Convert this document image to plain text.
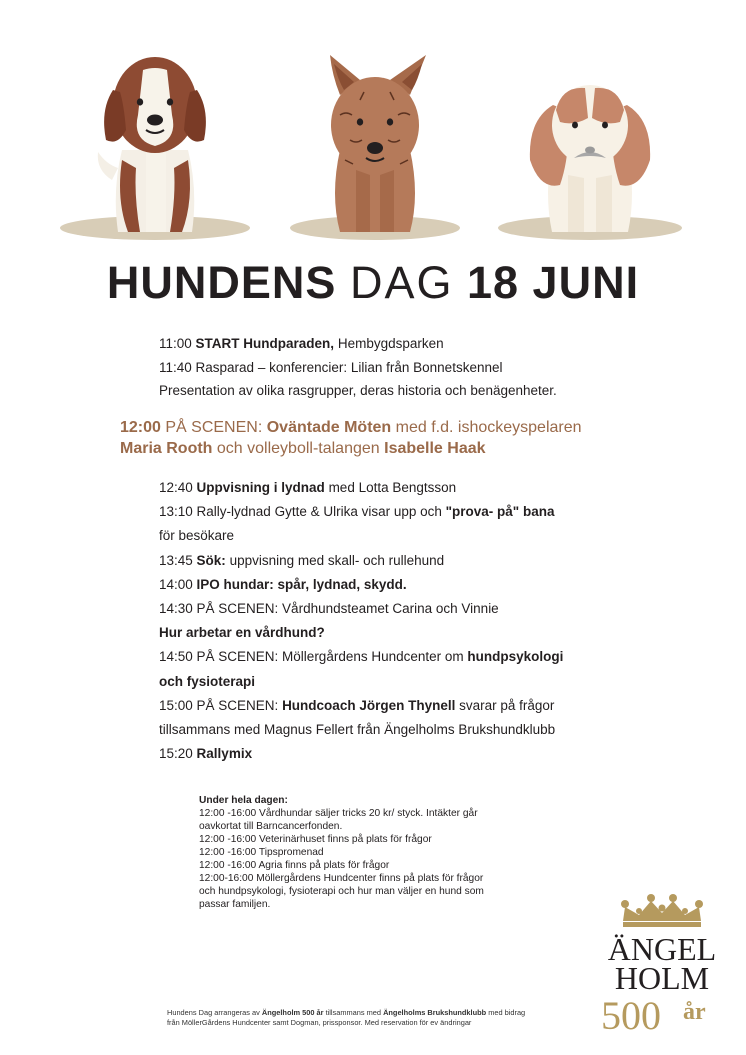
HUNDENS DAG 18 JUNI
11:00 START Hundparaden, Hembygdsparken
11:40 Rasparad – konferencier: Lilian från Bonnetskennel
Presentation av olika rasgrupper, deras historia och benägenheter.
12:00 PÅ SCENEN: Oväntade Möten med f.d. ishockeyspelaren
Maria Rooth och volleyboll-talangen Isabelle Haak
12:40 Uppvisning i lydnad med Lotta Bengtsson
13:10 Rally-lydnad Gytte & Ulrika visar upp och "prova- på" bana
för besökare
13:45 Sök: uppvisning med skall- och rullehund
14:00 IPO hundar: spår, lydnad, skydd.
14:30 PÅ SCENEN: Vårdhundsteamet Carina och Vinnie
Hur arbetar en vårdhund?
14:50 PÅ SCENEN: Möllergårdens Hundcenter om hundpsykologi
och fysioterapi
15:00 PÅ SCENEN: Hundcoach Jörgen Thynell svarar på frågor
tillsammans med Magnus Fellert från Ängelholms Brukshundklubb
15:20 Rallymix
Under hela dagen:
12:00 -16:00 Vårdhundar säljer tricks 20 kr/ styck. Intäkter går
oavkortat till Barncancerfonden.
12:00 -16:00 Veterinärhuset finns på plats för frågor
12:00 -16:00 Tipspromenad
12:00 -16:00 Agria finns på plats för frågor
12:00-16:00 Möllergårdens Hundcenter finns på plats för frågor
och hundpsykologi, fysioterapi och hur man väljer en hund som
passar familjen.
Hundens Dag arrangeras av Ängelholm 500 år tillsammans med Ängelholms Brukshundklubb med bidrag
från MöllerGårdens Hundcenter samt Dogman, prissponsor. Med reservation för ev ändringar
ÄNGEL
HOLM
500 år
